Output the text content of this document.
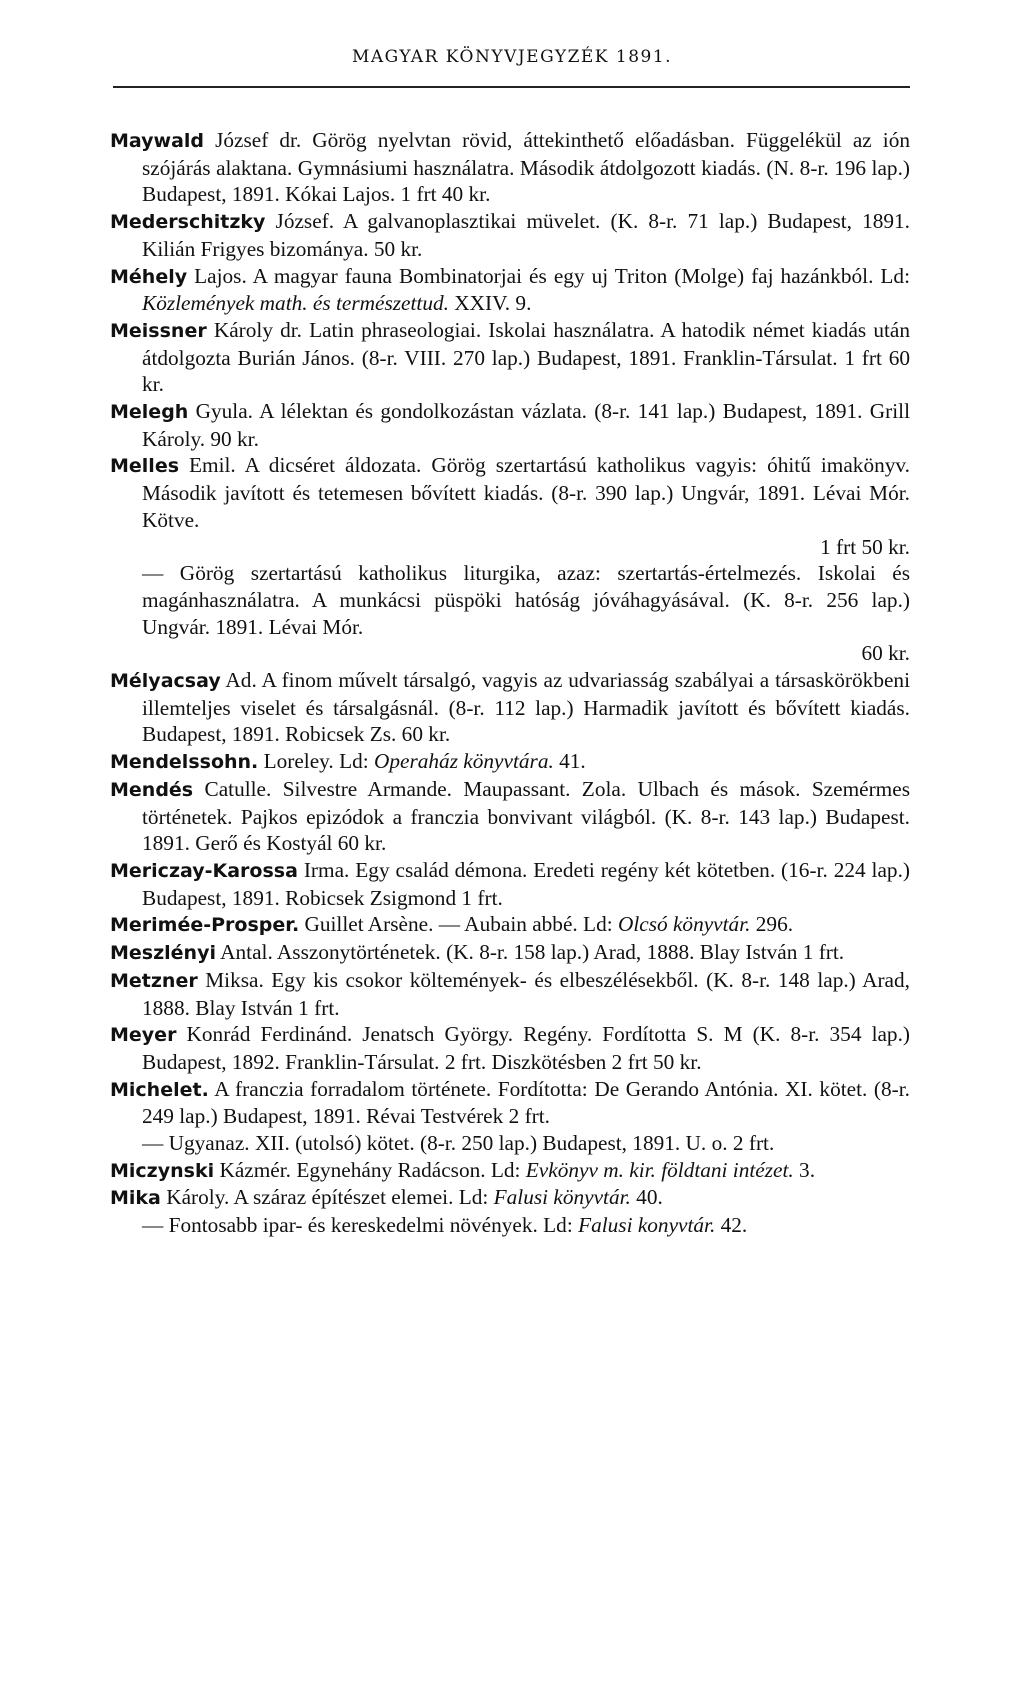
MAGYAR KÖNYVJEGYZÉK 1891.
Maywald József dr. Görög nyelvtan rövid, áttekinthető előadásban. Függelékül az ión szójárás alaktana. Gymnásiumi használatra. Második átdolgozott kiadás. (N. 8-r. 196 lap.) Budapest, 1891. Kókai Lajos. 1 frt 40 kr.
Mederschitzky József. A galvanoplasztikai müvelet. (K. 8-r. 71 lap.) Budapest, 1891. Kilián Frigyes bizománya. 50 kr.
Méhely Lajos. A magyar fauna Bombinatorjai és egy uj Triton (Molge) faj hazánkból. Ld: Közlemények math. és természettud. XXIV. 9.
Meissner Károly dr. Latin phraseologiai. Iskolai használatra. A hatodik német kiadás után átdolgozta Burián János. (8-r. VIII. 270 lap.) Budapest, 1891. Franklin-Társulat. 1 frt 60 kr.
Melegh Gyula. A lélektan és gondolkozástan vázlata. (8-r. 141 lap.) Budapest, 1891. Grill Károly. 90 kr.
Melles Emil. A dicséret áldozata. Görög szertartású katholikus vagyis: óhitű imakönyv. Második javított és tetemesen bővített kiadás. (8-r. 390 lap.) Ungvár, 1891. Lévai Mór. Kötve.
1 frt 50 kr.
— Görög szertartású katholikus liturgika, azaz: szertartás-értelmezés. Iskolai és magánhasználatra. A munkácsi püspöki hatóság jóváhagyásával. (K. 8-r. 256 lap.) Ungvár. 1891. Lévai Mór.
60 kr.
Mélyacsay Ad. A finom művelt társalgó, vagyis az udvariasság szabályai a társaskörökbeni illemteljes viselet és társalgásnál. (8-r. 112 lap.) Harmadik javított és bővített kiadás. Budapest, 1891. Robicsek Zs. 60 kr.
Mendelssohn. Loreley. Ld: Operaház könyvtára. 41.
Mendés Catulle. Silvestre Armande. Maupassant. Zola. Ulbach és mások. Szemérmes történetek. Pajkos epizódok a franczia bonvivant világból. (K. 8-r. 143 lap.) Budapest. 1891. Gerő és Kostyál 60 kr.
Mericzay-Karossa Irma. Egy család démona. Eredeti regény két kötetben. (16-r. 224 lap.) Budapest, 1891. Robicsek Zsigmond 1 frt.
Merimée-Prosper. Guillet Arsène. — Aubain abbé. Ld: Olcsó könyvtár. 296.
Meszlényi Antal. Asszonytörténetek. (K. 8-r. 158 lap.) Arad, 1888. Blay István 1 frt.
Metzner Miksa. Egy kis csokor költemények- és elbeszélésekből. (K. 8-r. 148 lap.) Arad, 1888. Blay István 1 frt.
Meyer Konrád Ferdinánd. Jenatsch György. Regény. Fordította S. M (K. 8-r. 354 lap.) Budapest, 1892. Franklin-Társulat. 2 frt. Diszkötésben 2 frt 50 kr.
Michelet. A franczia forradalom története. Fordította: De Gerando Antónia. XI. kötet. (8-r. 249 lap.) Budapest, 1891. Révai Testvérek 2 frt.
— Ugyanaz. XII. (utolsó) kötet. (8-r. 250 lap.) Budapest, 1891. U. o. 2 frt.
Miczynski Kázmér. Egynehány Radácson. Ld: Evkönyv m. kir. földtani intézet. 3.
Mika Károly. A száraz építészet elemei. Ld: Falusi könyvtár. 40.
— Fontosabb ipar- és kereskedelmi növények. Ld: Falusi konyvtár. 42.
